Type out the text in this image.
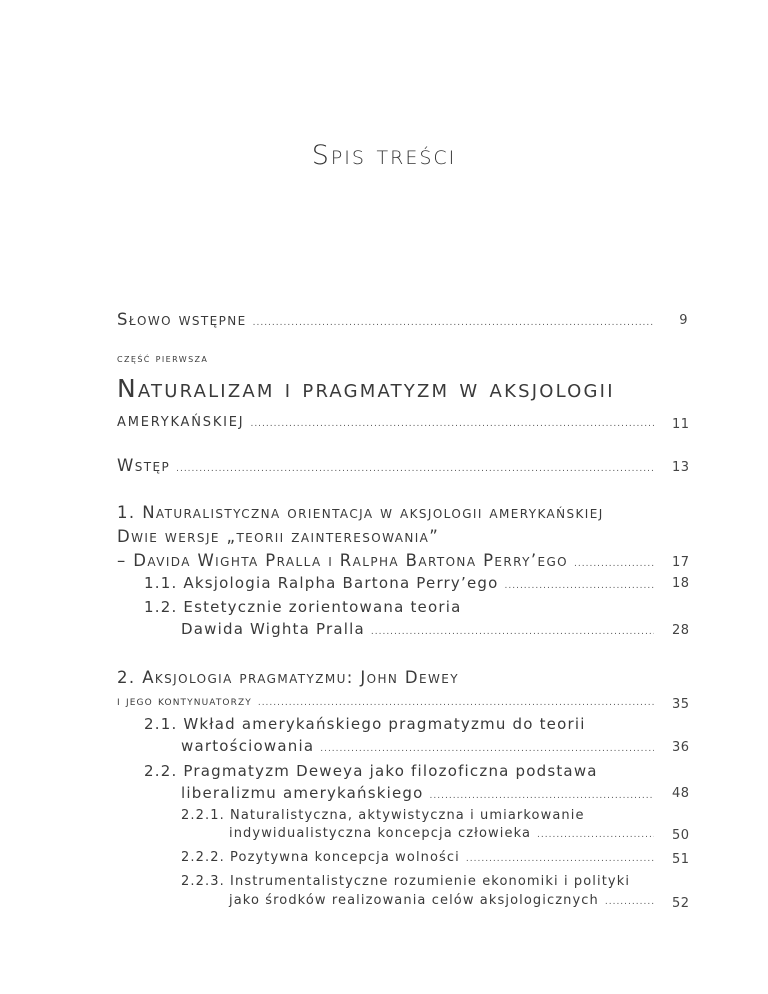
Spis treści
Słowo wstępne .....	9
część pierwsza
Naturalizam i pragmatyzm w aksjologii
amerykańskiej .....	11
Wstęp .....	13
1. Naturalistyczna orientacja w aksjologii amerykańskiej
Dwie wersje „teorii zainteresowania”
– Davida Wighta Pralla i Ralpha Bartona Perry’ego .....	17
1.1. Aksjologia Ralpha Bartona Perry’ego .....	18
1.2. Estetycznie zorientowana teoria
Dawida Wighta Pralla .....	28
2. Aksjologia pragmatyzmu: John Dewey
i jego kontynuatorzy .....	35
2.1. Wkład amerykańskiego pragmatyzmu do teorii
wartościowania .....	36
2.2. Pragmatyzm Deweya jako filozoficzna podstawa
liberalizmu amerykańskiego .....	48
2.2.1. Naturalistyczna, aktywistyczna i umiarkowanie
indywidualistyczna koncepcja człowieka .....	50
2.2.2. Pozytywna koncepcja wolności .....	51
2.2.3. Instrumentalistyczne rozumienie ekonomiki i polityki
jako środków realizowania celów aksjologicznych .....	52
